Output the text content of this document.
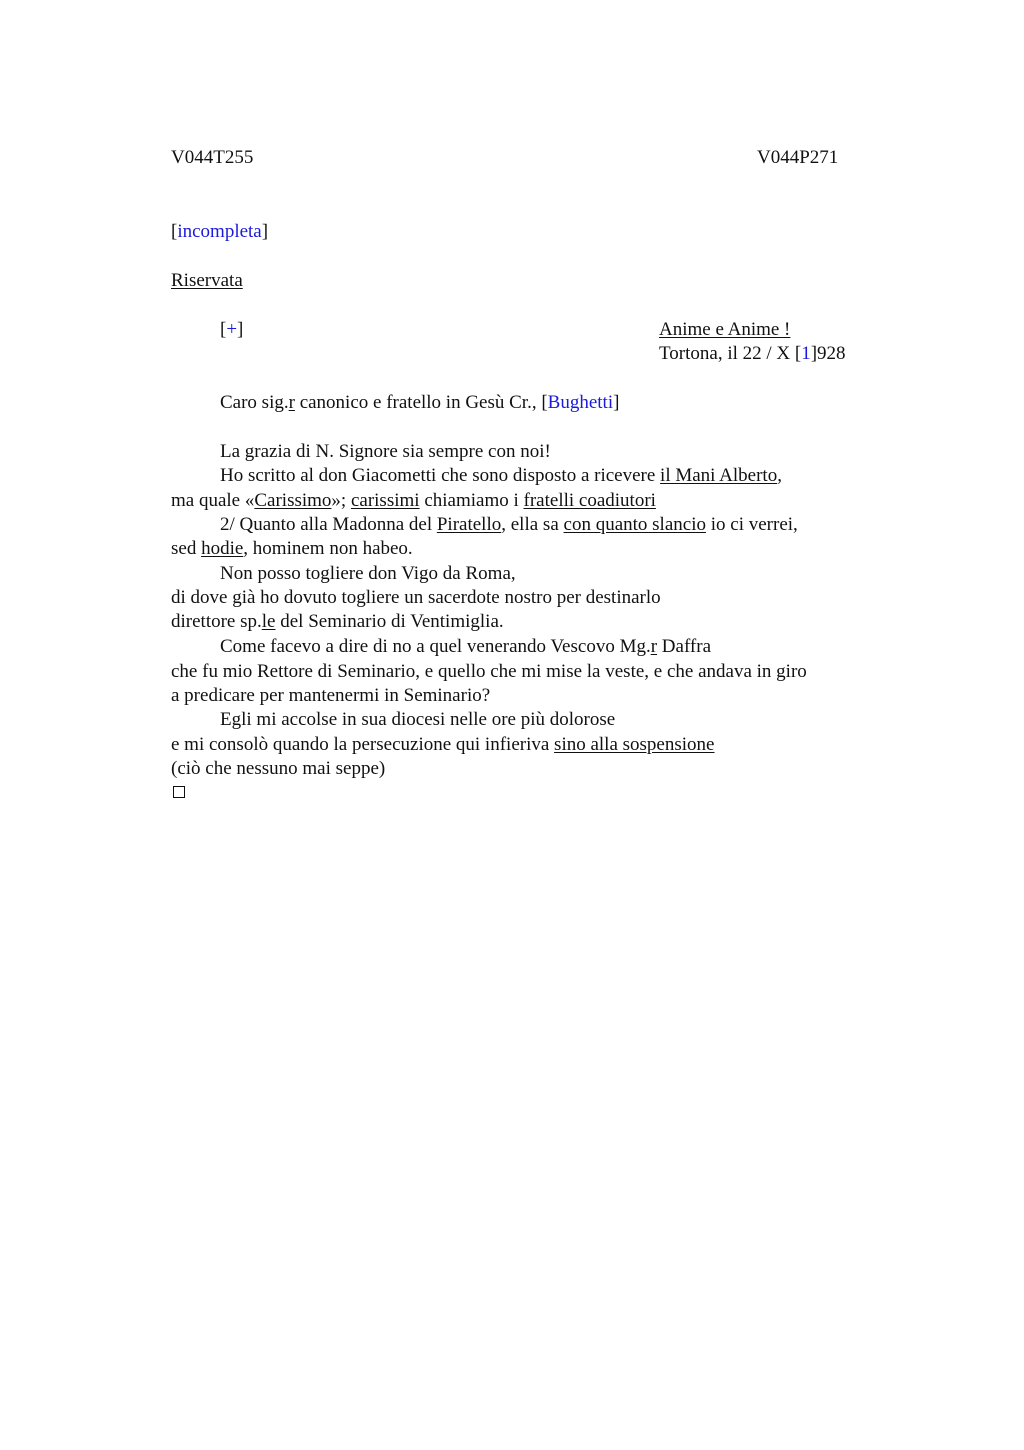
V044T255	V044P271
[incompleta]
Riservata
[+]	Anime e Anime !
Tortona, il 22 / X [1]928
Caro sig.r canonico e fratello in Gesù Cr., [Bughetti]
La grazia di N. Signore sia sempre con noi!
Ho scritto al don Giacometti che sono disposto a ricevere il Mani Alberto,
ma quale «Carissimo»; carissimi chiamiamo i fratelli coadiutori
2/ Quanto alla Madonna del Piratello, ella sa con quanto slancio io ci verrei,
sed hodie, hominem non habeo.
Non posso togliere don Vigo da Roma,
di dove già ho dovuto togliere un sacerdote nostro per destinarlo
direttore sp.le del Seminario di Ventimiglia.
Come facevo a dire di no a quel venerando Vescovo Mg.r Daffra
che fu mio Rettore di Seminario, e quello che mi mise la veste, e che andava in giro
a predicare per mantenermi in Seminario?
Egli mi accolse in sua diocesi nelle ore più dolorose
e mi consolò quando la persecuzione qui infieriva sino alla sospensione
(ciò che nessuno mai seppe)
